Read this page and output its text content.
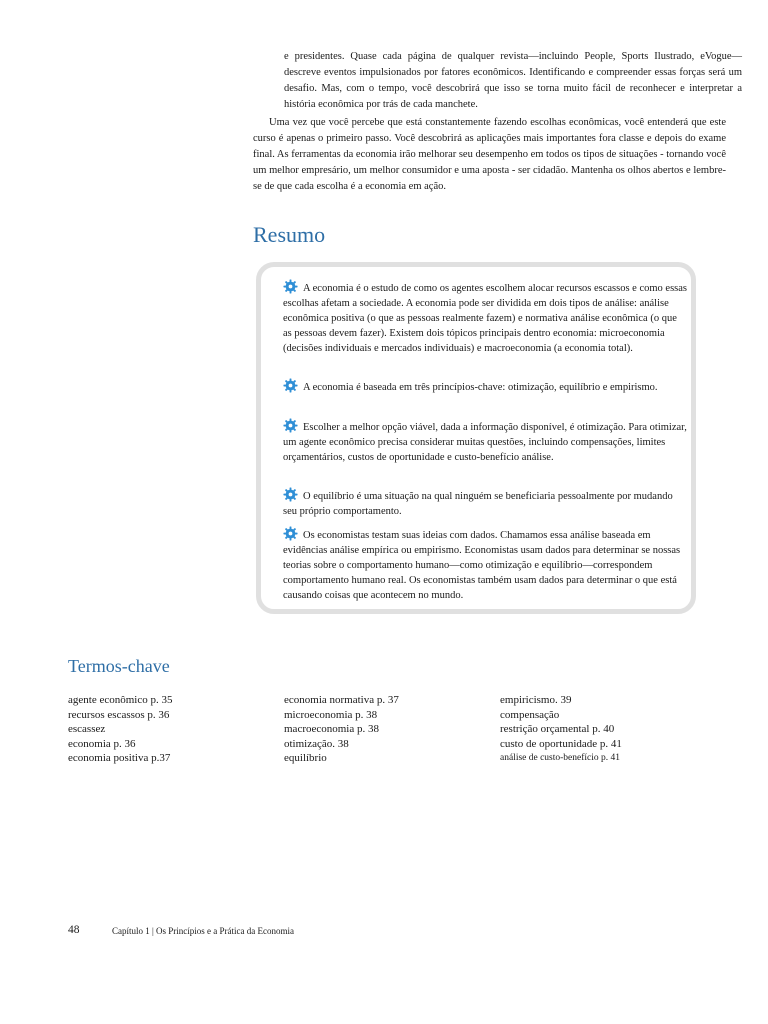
e presidentes. Quase cada página de qualquer revista—incluindo People, Sports Ilustrado, eVogue—descreve eventos impulsionados por fatores econômicos. Identificando e compreender essas forças será um desafio. Mas, com o tempo, você descobrirá que isso se torna muito fácil de reconhecer e interpretar a história econômica por trás de cada manchete.

Uma vez que você percebe que está constantemente fazendo escolhas econômicas, você entenderá que este curso é apenas o primeiro passo. Você descobrirá as aplicações mais importantes fora classe e depois do exame final. As ferramentas da economia irão melhorar seu desempenho em todos os tipos de situações - tornando você um melhor empresário, um melhor consumidor e uma aposta - ser cidadão. Mantenha os olhos abertos e lembre-se de que cada escolha é a economia em ação.

Resumo

A economia é o estudo de como os agentes escolhem alocar recursos escassos e como essas escolhas afetam a sociedade. A economia pode ser dividida em dois tipos de análise: análise econômica positiva (o que as pessoas realmente fazem) e normativa análise econômica (o que as pessoas devem fazer). Existem dois tópicos principais dentro economia: microeconomia (decisões individuais e mercados individuais) e macroeconomia (a economia total).

A economia é baseada em três princípios-chave: otimização, equilíbrio e empirismo.

Escolher a melhor opção viável, dada a informação disponível, é otimização. Para otimizar, um agente econômico precisa considerar muitas questões, incluindo compensações, limites orçamentários, custos de oportunidade e custo-benefício análise.

O equilíbrio é uma situação na qual ninguém se beneficiaria pessoalmente por mudando seu próprio comportamento.

Os economistas testam suas ideias com dados. Chamamos essa análise baseada em evidências análise empírica ou empirismo. Economistas usam dados para determinar se nossas teorias sobre o comportamento humano—como otimização e equilíbrio—correspondem comportamento humano real. Os economistas também usam dados para determinar o que está causando coisas que acontecem no mundo.

Termos-chave
agente econômico p. 35
recursos escassos p. 36
escassez
economia p. 36
economia positiva p.37
economia normativa p. 37
microeconomia p. 38
macroeconomia p. 38
otimização. 38
equilíbrio
empiricismo. 39
compensação
restrição orçamental p. 40
custo de oportunidade p. 41
análise de custo-benefício p. 41
48	Capítulo 1 | Os Princípios e a Prática da Economia
